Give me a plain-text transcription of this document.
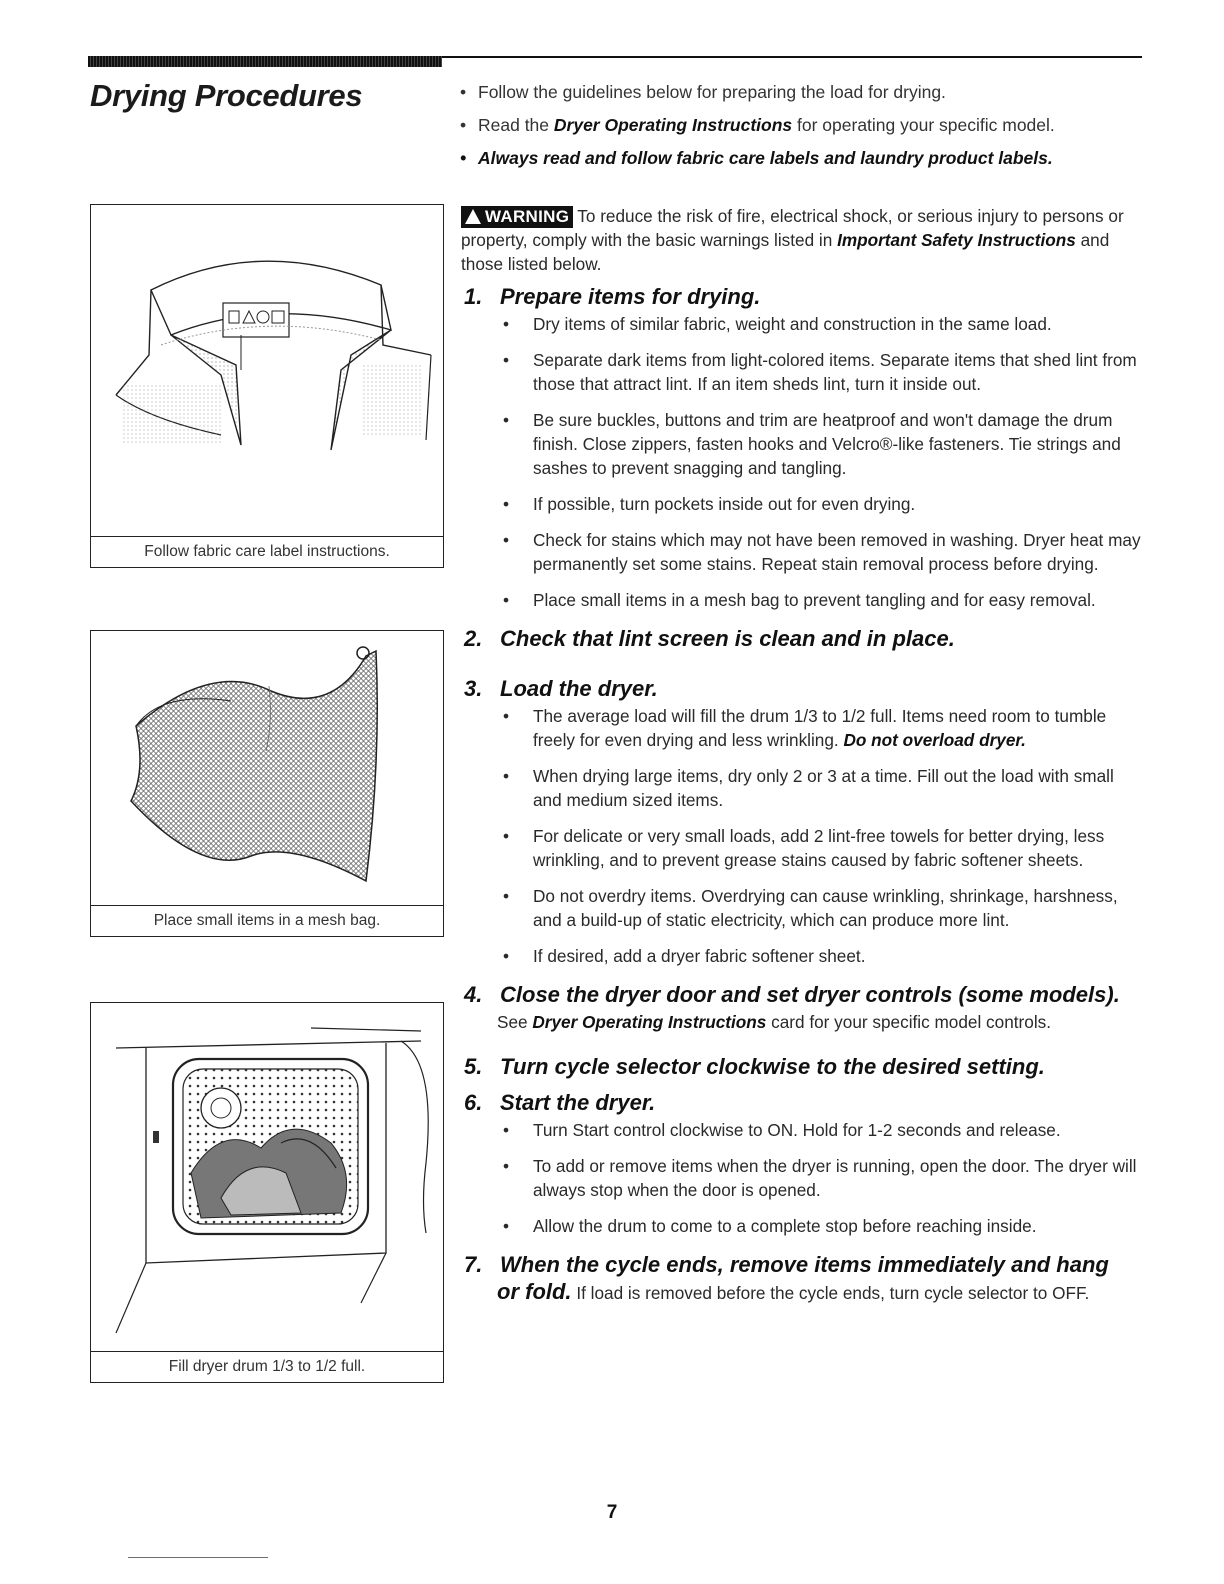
Drying Procedures	• Follow the guidelines below for preparing the load for drying.
• Read the Dryer Operating Instructions for operating your specific model.
• Always read and follow fabric care labels and laundry product labels.
Follow fabric care label instructions.
Place small items in a mesh bag.
Fill dryer drum 1/3 to 1/2 full.
WARNING To reduce the risk of fire, electrical shock, or serious injury to persons or property, comply with the basic warnings listed in Important Safety Instructions and those listed below.
1. Prepare items for drying.
• Dry items of similar fabric, weight and construction in the same load.
• Separate dark items from light-colored items. Separate items that shed lint from those that attract lint. If an item sheds lint, turn it inside out.
• Be sure buckles, buttons and trim are heatproof and won't damage the drum finish. Close zippers, fasten hooks and Velcro®-like fasteners. Tie strings and sashes to prevent snagging and tangling.
• If possible, turn pockets inside out for even drying.
• Check for stains which may not have been removed in washing. Dryer heat may permanently set some stains. Repeat stain removal process before drying.
• Place small items in a mesh bag to prevent tangling and for easy removal.
2. Check that lint screen is clean and in place.
3. Load the dryer.
• The average load will fill the drum 1/3 to 1/2 full. Items need room to tumble freely for even drying and less wrinkling. Do not overload dryer.
• When drying large items, dry only 2 or 3 at a time. Fill out the load with small and medium sized items.
• For delicate or very small loads, add 2 lint-free towels for better drying, less wrinkling, and to prevent grease stains caused by fabric softener sheets.
• Do not overdry items. Overdrying can cause wrinkling, shrinkage, harshness, and a build-up of static electricity, which can produce more lint.
• If desired, add a dryer fabric softener sheet.
4. Close the dryer door and set dryer controls (some models).
See Dryer Operating Instructions card for your specific model controls.
5. Turn cycle selector clockwise to the desired setting.
6. Start the dryer.
• Turn Start control clockwise to ON. Hold for 1-2 seconds and release.
• To add or remove items when the dryer is running, open the door. The dryer will always stop when the door is opened.
• Allow the drum to come to a complete stop before reaching inside.
7. When the cycle ends, remove items immediately and hang
or fold. If load is removed before the cycle ends, turn cycle selector to OFF.
7
